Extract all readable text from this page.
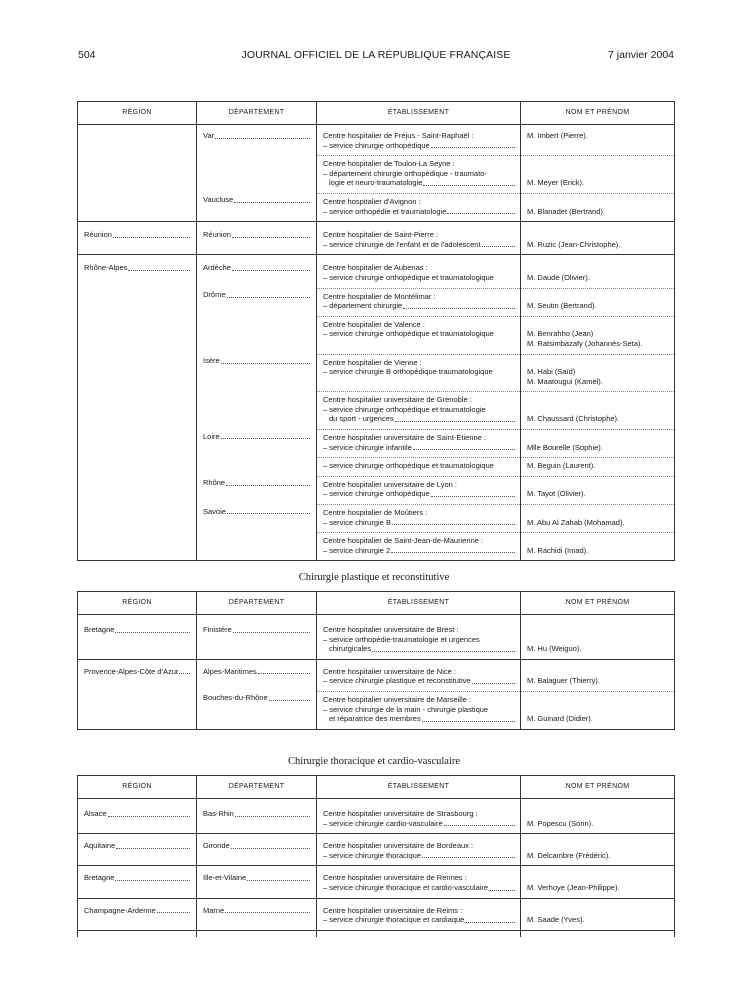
504	JOURNAL OFFICIEL DE LA RÉPUBLIQUE FRANÇAISE	7 janvier 2004
RÉGION	DÉPARTEMENT	ÉTABLISSEMENT	NOM ET PRÉNOM

	Var	Centre hospitalier de Fréjus - Saint-Raphaël :
– service chirurgie orthopédique	M. Imbert (Pierre).

		Centre hospitalier de Toulon-La Seyne :
– département chirurgie orthopédique - traumato-
logie et neuro-traumatologie	M. Meyer (Erick).

	Vaucluse	Centre hospitalier d'Avignon :
– service orthopédie et traumatologie	M. Blanadet (Bertrand).

Réunion	Réunion	Centre hospitalier de Saint-Pierre :
– service chirurgie de l'enfant et de l'adolescent	M. Ruzic (Jean-Christophe).

Rhône-Alpes	Ardèche	Centre hospitalier de Aubenas :
– service chirurgie orthopédique et traumatologique	M. Daude (Olivier).

	Drôme	Centre hospitalier de Montélimar :
– département chirurgie	M. Seutin (Bertrand).

		Centre hospitalier de Valence :
– service chirurgie orthopédique et traumatologique	M. Benrahho (Jean)
M. Ratsimbazafy (Johannès-Seta).

	Isère	Centre hospitalier de Vienne :
– service chirurgie B orthopédique traumatologique	M. Habi (Saïd)
M. Maatougui (Kamel).

		Centre hospitalier universitaire de Grenoble :
– service chirurgie orthopédique et traumatologie
du sport - urgences	M. Chaussard (Christophe).

	Loire	Centre hospitalier universitaire de Saint-Etienne :
– service chirurgie infantile	Mlle Bourelle (Sophie).

		– service chirurgie orthopédique et traumatologique	M. Beguin (Laurent).

	Rhône	Centre hospitalier universitaire de Lyon :
– service chirurgie orthopédique	M. Tayot (Olivier).

	Savoie	Centre hospitalier de Moûtiers :
– service chirurgie B	M. Abu Al Zahab (Mohamad).

		Centre hospitalier de Saint-Jean-de-Maurienne :
– service chirurgie 2	M. Rachidi (Imad).
Chirurgie plastique et reconstitutive
RÉGION	DÉPARTEMENT	ÉTABLISSEMENT	NOM ET PRÉNOM

Bretagne	Finistère	Centre hospitalier universitaire de Brest :
– service orthopédie-traumatologie et urgences
chirurgicales	M. Hu (Weiguo).

Provence-Alpes-Côte d'Azur	Alpes-Maritimes	Centre hospitalier universitaire de Nice :
– service chirurgie plastique et reconstitutive	M. Balaguer (Thierry).

	Bouches-du-Rhône	Centre hospitalier universitaire de Marseille :
– service chirurgie de la main - chirurgie plastique
et réparatrice des membres	M. Guinard (Didier).
Chirurgie thoracique et cardio-vasculaire
RÉGION	DÉPARTEMENT	ÉTABLISSEMENT	NOM ET PRÉNOM

Alsace	Bas-Rhin	Centre hospitalier universitaire de Strasbourg :
– service chirurgie cardio-vasculaire	M. Popescu (Sorin).

Aquitaine	Gironde	Centre hospitalier universitaire de Bordeaux :
– service chirurgie thoracique	M. Delcambre (Frédéric).

Bretagne	Ille-et-Vilaine	Centre hospitalier universitaire de Rennes :
– service chirurgie thoracique et cardio-vasculaire	M. Verhoye (Jean-Philippe).

Champagne-Ardenne	Marne	Centre hospitalier universitaire de Reims :
– service chirurgie thoracique et cardiaque	M. Saade (Yves).
